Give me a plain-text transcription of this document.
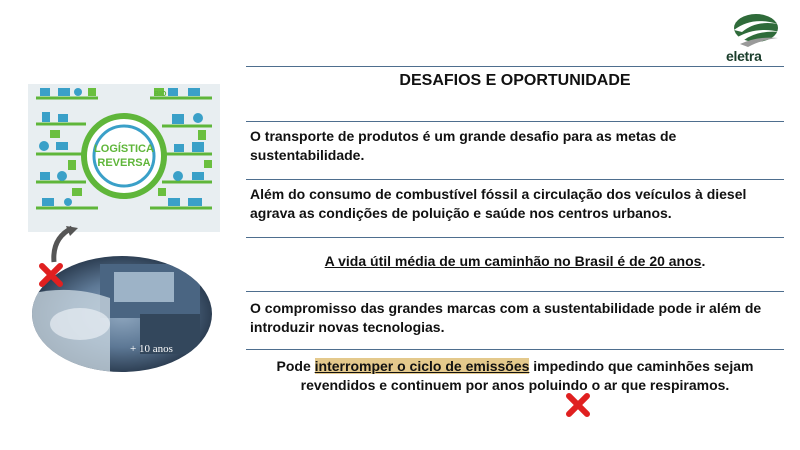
eletra
DESAFIOS E OPORTUNIDADE
O transporte de produtos é um grande desafio para as metas de sustentabilidade.
Além do consumo de combustível fóssil a circulação dos veículos à diesel agrava as condições de poluição e saúde nos centros urbanos.
A vida útil média de um caminhão no Brasil é de 20 anos.
O compromisso das grandes marcas com a sustentabilidade pode ir além de introduzir novas tecnologias.
Pode interromper o ciclo de emissões impedindo que caminhões sejam revendidos e continuem por anos poluindo o ar que respiramos.
LOGÍSTICA
REVERSA
BIO
+ 10 anos
